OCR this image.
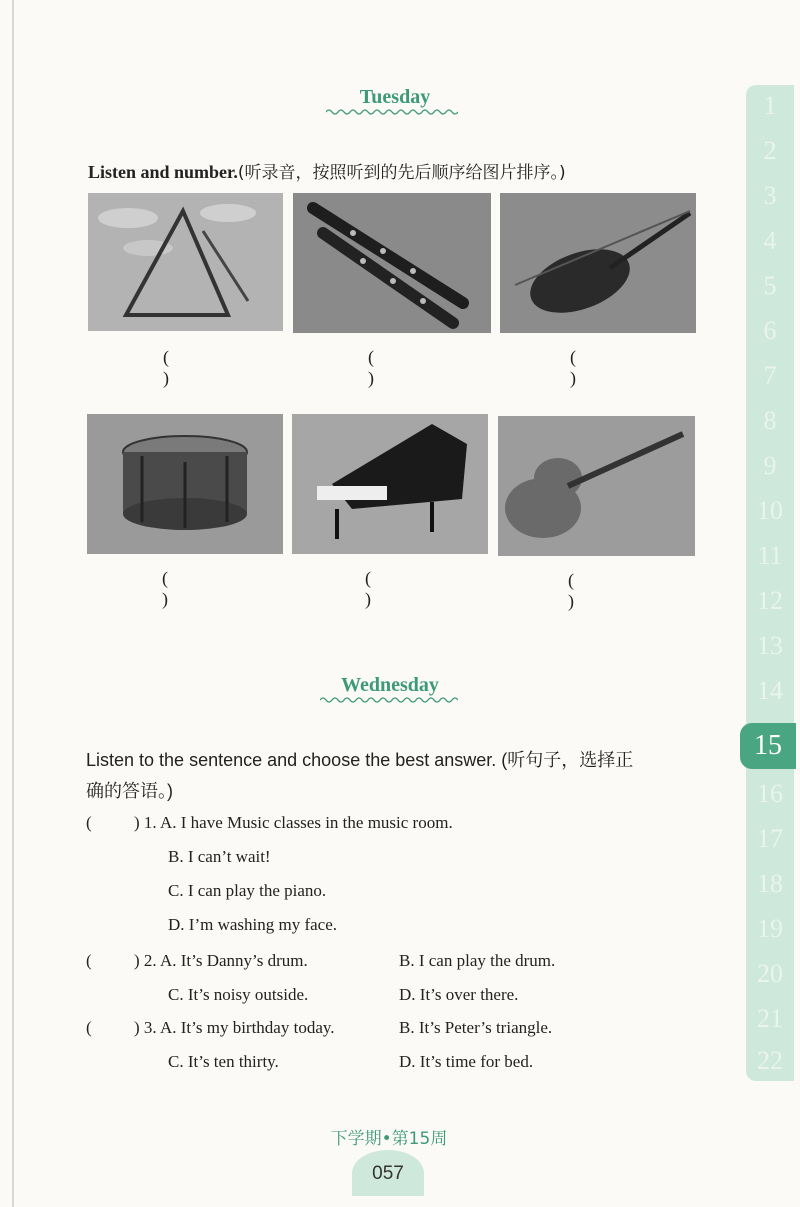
Tuesday
Listen and number.(听录音，按照听到的先后顺序给图片排序。)
( )
( )
( )
( )
( )
( )
Wednesday
Listen to the sentence and choose the best answer. (听句子，选择正
确的答语。)
( ) 1. A. I have Music classes in the music room.
B. I can’t wait!
C. I can play the piano.
D. I’m washing my face.
( ) 2. A. It’s Danny’s drum.	B. I can play the drum.
C. It’s noisy outside.	D. It’s over there.
( ) 3. A. It’s my birthday today.	B. It’s Peter’s triangle.
C. It’s ten thirty.	D. It’s time for bed.
1
2
3
4
5
6
7
8
9
10
11
12
13
14
15
16
17
18
19
20
21
22
下学期•第15周
057
